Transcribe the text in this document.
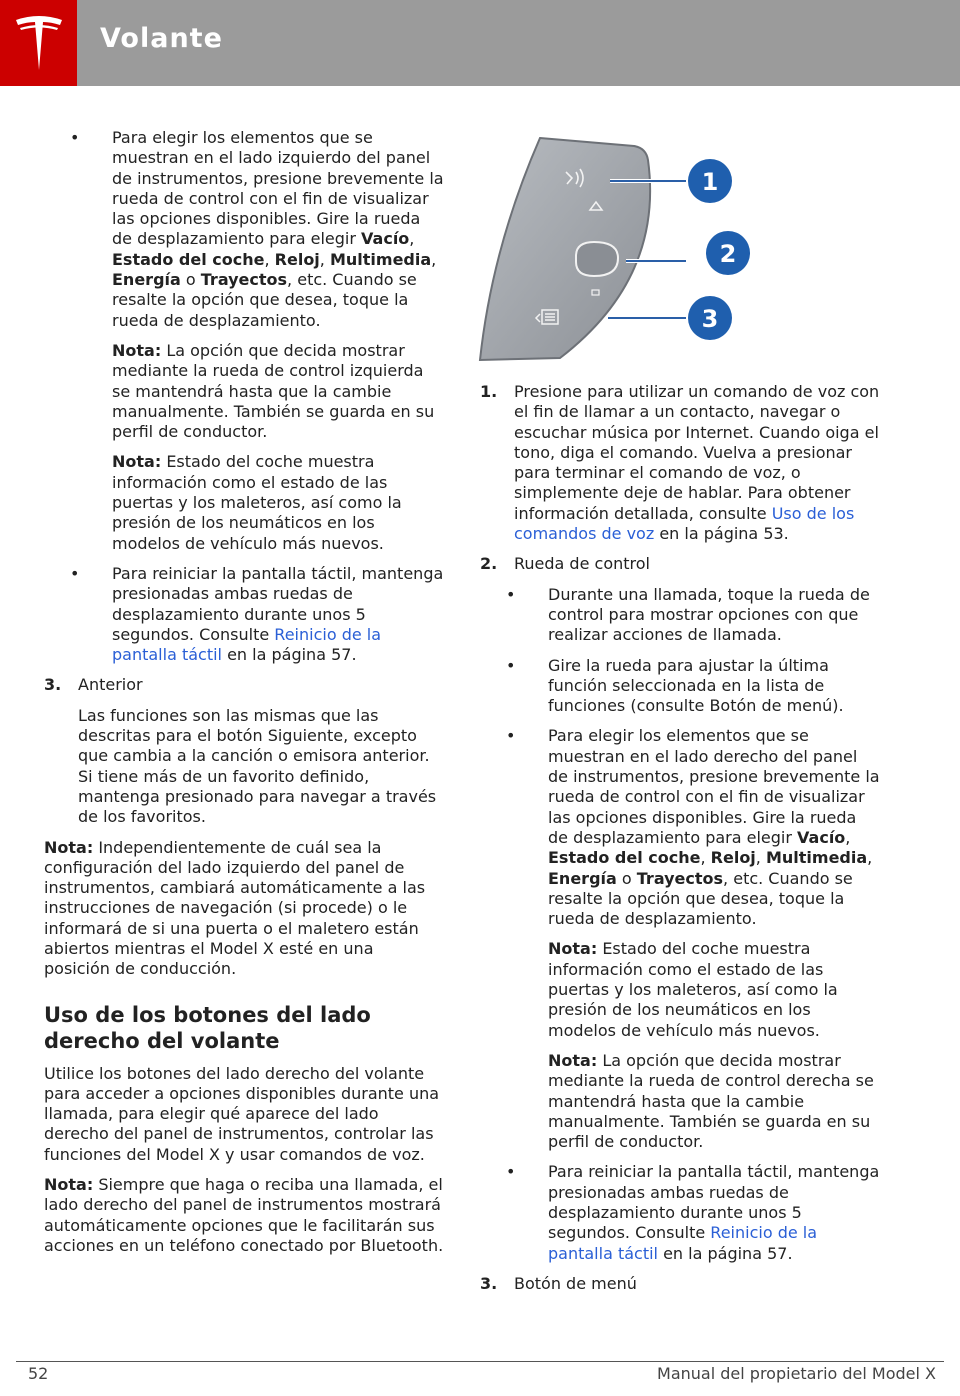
Volante
• Para elegir los elementos que se muestran en el lado izquierdo del panel de instrumentos, presione brevemente la rueda de control con el fin de visualizar las opciones disponibles. Gire la rueda de desplazamiento para elegir Vacío, Estado del coche, Reloj, Multimedia, Energía o Trayectos, etc. Cuando se resalte la opción que desea, toque la rueda de desplazamiento.

Nota: La opción que decida mostrar mediante la rueda de control izquierda se mantendrá hasta que la cambie manualmente. También se guarda en su perfil de conductor.

Nota: Estado del coche muestra información como el estado de las puertas y los maleteros, así como la presión de los neumáticos en los modelos de vehículo más nuevos.

• Para reiniciar la pantalla táctil, mantenga presionadas ambas ruedas de desplazamiento durante unos 5 segundos. Consulte Reinicio de la pantalla táctil en la página 57.
3. Anterior

Las funciones son las mismas que las descritas para el botón Siguiente, excepto que cambia a la canción o emisora anterior. Si tiene más de un favorito definido, mantenga presionado para navegar a través de los favoritos.

Nota: Independientemente de cuál sea la configuración del lado izquierdo del panel de instrumentos, cambiará automáticamente a las instrucciones de navegación (si procede) o le informará de si una puerta o el maletero están abiertos mientras el Model X esté en una posición de conducción.

Uso de los botones del lado derecho del volante

Utilice los botones del lado derecho del volante para acceder a opciones disponibles durante una llamada, para elegir qué aparece del lado derecho del panel de instrumentos, controlar las funciones del Model X y usar comandos de voz.

Nota: Siempre que haga o reciba una llamada, el lado derecho del panel de instrumentos mostrará automáticamente opciones que le facilitarán sus acciones en un teléfono conectado por Bluetooth.

1
2
3
1. Presione para utilizar un comando de voz con el fin de llamar a un contacto, navegar o escuchar música por Internet. Cuando oiga el tono, diga el comando. Vuelva a presionar para terminar el comando de voz, o simplemente deje de hablar. Para obtener información detallada, consulte Uso de los comandos de voz en la página 53.
2. Rueda de control
• Durante una llamada, toque la rueda de control para mostrar opciones con que realizar acciones de llamada.
• Gire la rueda para ajustar la última función seleccionada en la lista de funciones (consulte Botón de menú).
• Para elegir los elementos que se muestran en el lado derecho del panel de instrumentos, presione brevemente la rueda de control con el fin de visualizar las opciones disponibles. Gire la rueda de desplazamiento para elegir Vacío, Estado del coche, Reloj, Multimedia, Energía o Trayectos, etc. Cuando se resalte la opción que desea, toque la rueda de desplazamiento.

Nota: Estado del coche muestra información como el estado de las puertas y los maleteros, así como la presión de los neumáticos en los modelos de vehículo más nuevos.

Nota: La opción que decida mostrar mediante la rueda de control derecha se mantendrá hasta que la cambie manualmente. También se guarda en su perfil de conductor.

• Para reiniciar la pantalla táctil, mantenga presionadas ambas ruedas de desplazamiento durante unos 5 segundos. Consulte Reinicio de la pantalla táctil en la página 57.
3. Botón de menú
52	Manual del propietario del Model X
